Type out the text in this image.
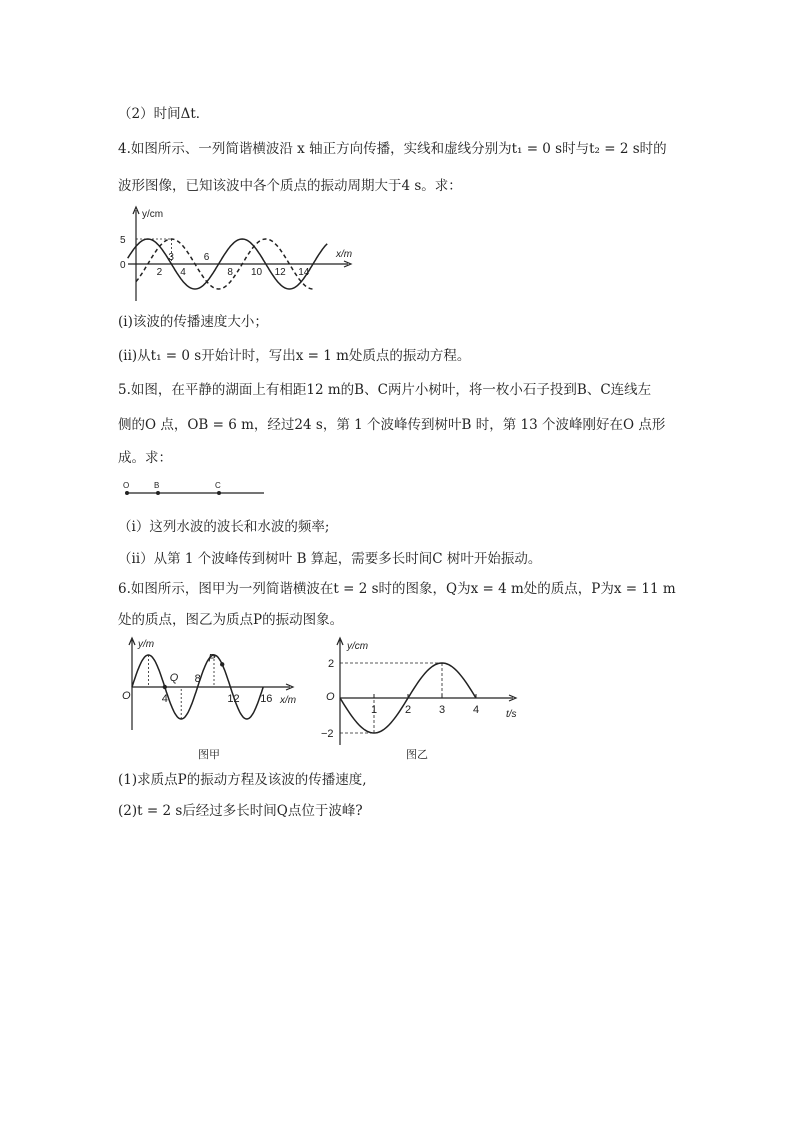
（2）时间Δt．
4.如图所示、一列简谐横波沿 x 轴正方向传播，实线和虚线分别为t₁ = 0 s时与t₂ = 2 s时的
波形图像，已知该波中各个质点的振动周期大于4 s。求：
y/cm
x/m
5
0
2
3
4
6
8 10 12 14
(i)该波的传播速度大小；
(ii)从t₁ = 0 s开始计时，写出x = 1 m处质点的振动方程。
5.如图，在平静的湖面上有相距12 m的B、C两片小树叶，将一枚小石子投到B、C连线左
侧的O 点，OB = 6 m，经过24 s，第 1 个波峰传到树叶B 时，第 13 个波峰刚好在O 点形
成。求：
O	B	C
（ⅰ）这列水波的波长和水波的频率;
（ⅱ）从第 1 个波峰传到树叶 B 算起，需要多长时间C 树叶开始振动。
6.如图所示，图甲为一列简谐横波在t = 2 s时的图象，Q为x = 4 m处的质点，P为x = 11 m
处的质点，图乙为质点P的振动图象。
y/m
O	x/m
4
8
12 16
Q
P
图甲
y/cm
O
t/s
2
−2
1	2	3	4
图乙
(1)求质点P的振动方程及该波的传播速度,
(2)t = 2 s后经过多长时间Q点位于波峰?
